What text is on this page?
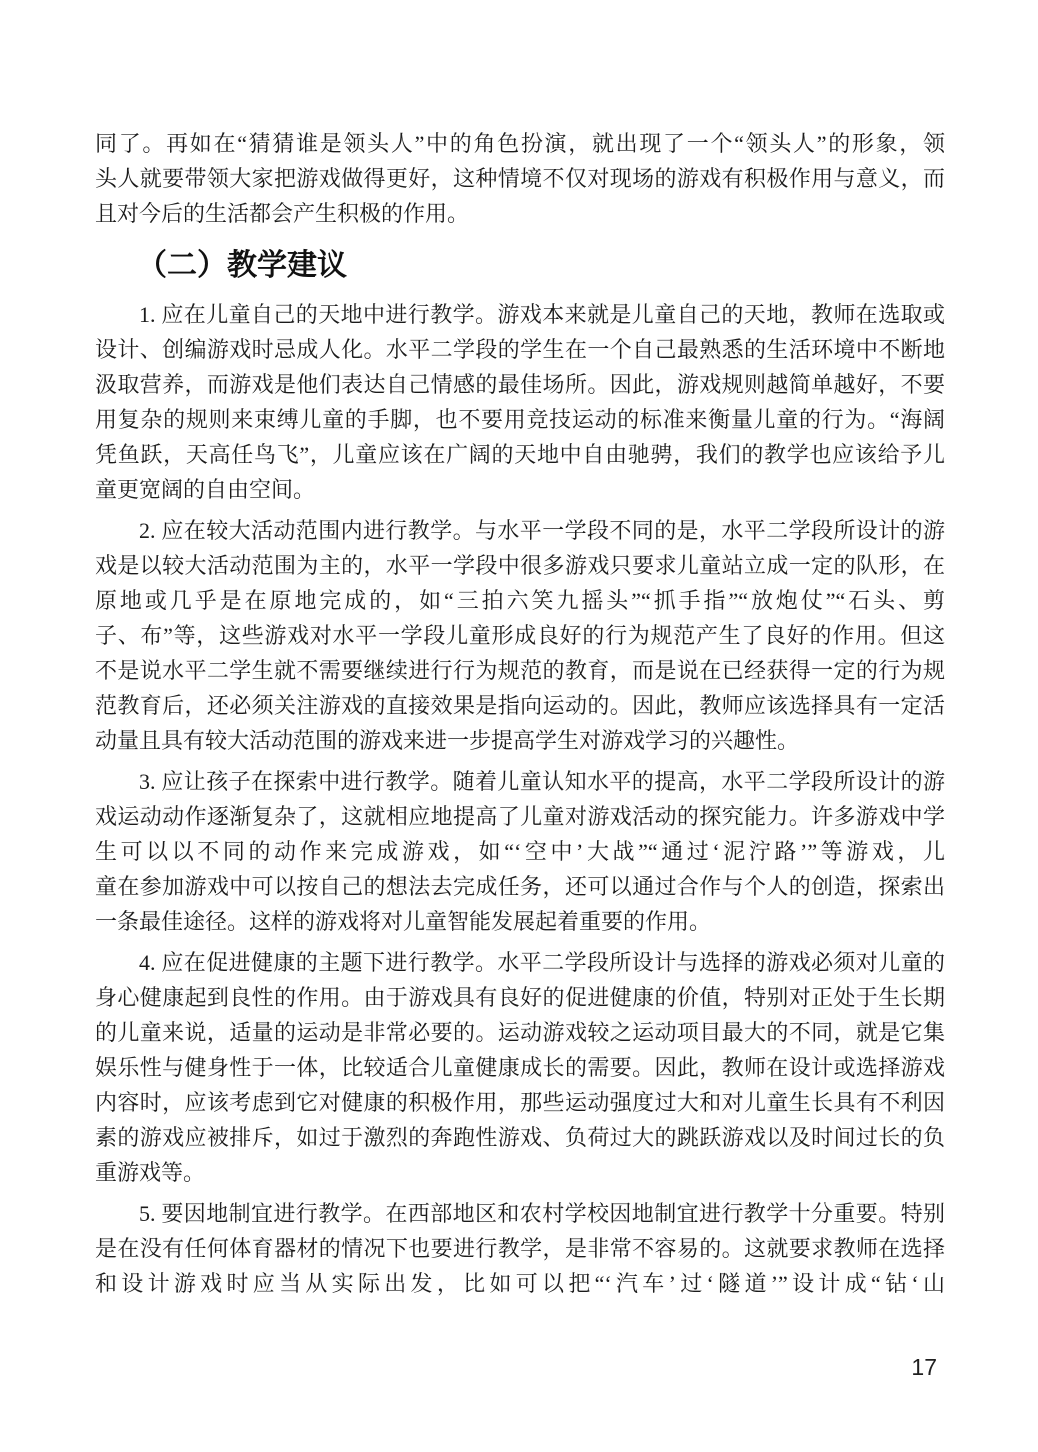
同了。再如在“猜猜谁是领头人”中的角色扮演，就出现了一个“领头人”的形象，领
头人就要带领大家把游戏做得更好，这种情境不仅对现场的游戏有积极作用与意义，而
且对今后的生活都会产生积极的作用。
（二）教学建议
1. 应在儿童自己的天地中进行教学。游戏本来就是儿童自己的天地，教师在选取或
设计、创编游戏时忌成人化。水平二学段的学生在一个自己最熟悉的生活环境中不断地
汲取营养，而游戏是他们表达自己情感的最佳场所。因此，游戏规则越简单越好，不要
用复杂的规则来束缚儿童的手脚，也不要用竞技运动的标准来衡量儿童的行为。“海阔
凭鱼跃，天高任鸟飞”，儿童应该在广阔的天地中自由驰骋，我们的教学也应该给予儿
童更宽阔的自由空间。
2. 应在较大活动范围内进行教学。与水平一学段不同的是，水平二学段所设计的游
戏是以较大活动范围为主的，水平一学段中很多游戏只要求儿童站立成一定的队形，在
原地或几乎是在原地完成的，如“三拍六笑九摇头”“抓手指”“放炮仗”“石头、剪
子、布”等，这些游戏对水平一学段儿童形成良好的行为规范产生了良好的作用。但这
不是说水平二学生就不需要继续进行行为规范的教育，而是说在已经获得一定的行为规
范教育后，还必须关注游戏的直接效果是指向运动的。因此，教师应该选择具有一定活
动量且具有较大活动范围的游戏来进一步提高学生对游戏学习的兴趣性。
3. 应让孩子在探索中进行教学。随着儿童认知水平的提高，水平二学段所设计的游
戏运动动作逐渐复杂了，这就相应地提高了儿童对游戏活动的探究能力。许多游戏中学
生可以以不同的动作来完成游戏，如“‘空中’大战”“通过‘泥泞路’”等游戏，儿
童在参加游戏中可以按自己的想法去完成任务，还可以通过合作与个人的创造，探索出
一条最佳途径。这样的游戏将对儿童智能发展起着重要的作用。
4. 应在促进健康的主题下进行教学。水平二学段所设计与选择的游戏必须对儿童的
身心健康起到良性的作用。由于游戏具有良好的促进健康的价值，特别对正处于生长期
的儿童来说，适量的运动是非常必要的。运动游戏较之运动项目最大的不同，就是它集
娱乐性与健身性于一体，比较适合儿童健康成长的需要。因此，教师在设计或选择游戏
内容时，应该考虑到它对健康的积极作用，那些运动强度过大和对儿童生长具有不利因
素的游戏应被排斥，如过于激烈的奔跑性游戏、负荷过大的跳跃游戏以及时间过长的负
重游戏等。
5. 要因地制宜进行教学。在西部地区和农村学校因地制宜进行教学十分重要。特别
是在没有任何体育器材的情况下也要进行教学，是非常不容易的。这就要求教师在选择
和设计游戏时应当从实际出发，比如可以把“‘汽车’过‘隧道’”设计成“钻‘山
17
